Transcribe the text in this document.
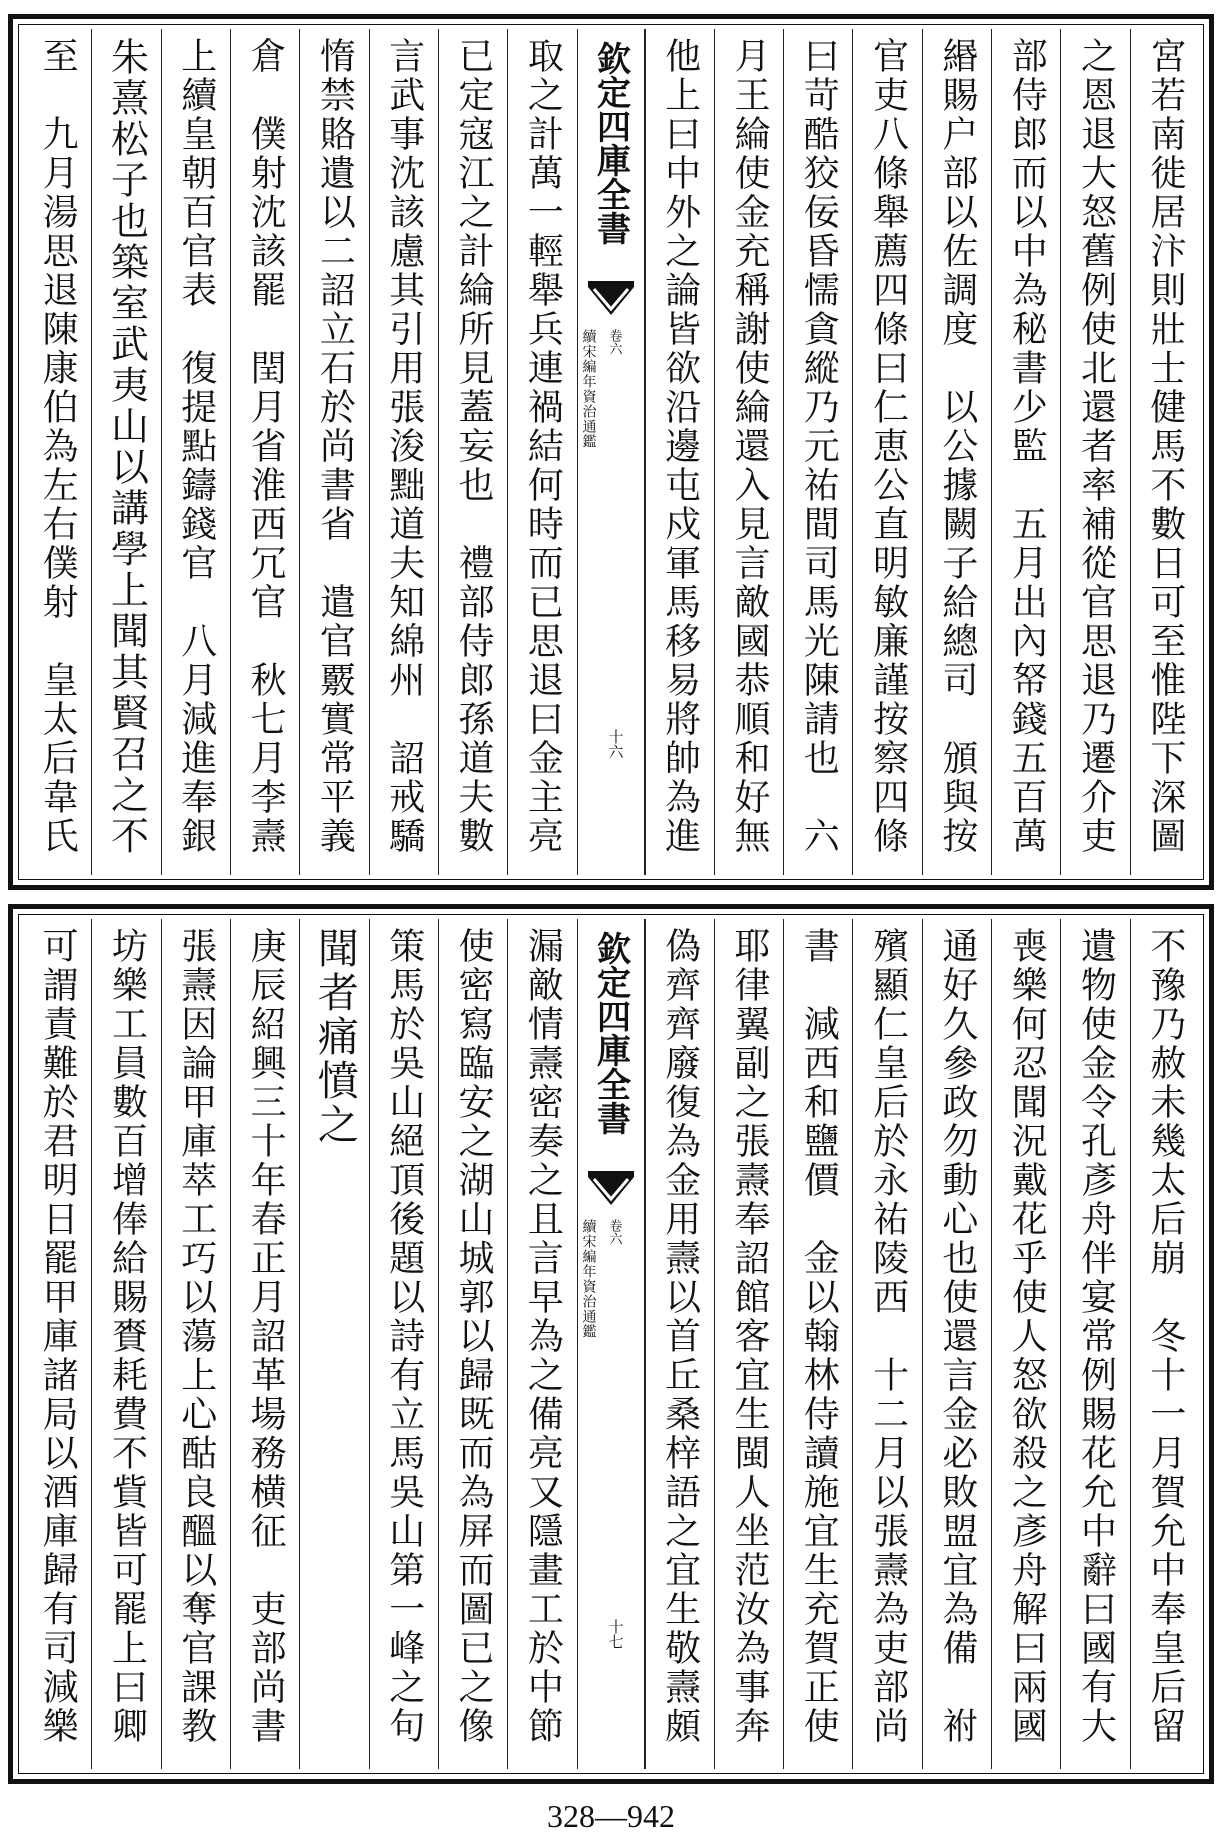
宮若南徙居汴則壯士健馬不數日可至惟陛下深圖
之恩退大怒舊例使北還者率補從官思退乃遷介吏
部侍郎而以中為秘書少監　五月出內帑錢五百萬
緡賜户部以佐調度　以公據闕子給總司　頒與按
官吏八條舉薦四條曰仁恵公直明敏廉謹按察四條
曰苛酷狡佞昏懦貪縱乃元祐間司馬光陳請也　六
月王綸使金充稱謝使綸還入見言敵國恭順和好無
他上曰中外之論皆欲沿邊屯戍軍馬移易將帥為進
欽定四庫全書
續宋編年資治通鑑 卷六
十六
取之計萬一輕舉兵連禍結何時而已思退曰金主亮
已定寇江之計綸所見蓋妄也　禮部侍郎孫道夫數
言武事沈該慮其引用張浚黜道夫知綿州　詔戒驕
惰禁賂遺以二詔立石於尚書省　遣官覈實常平義
倉　僕射沈該罷　閏月省淮西冗官　秋七月李燾
上續皇朝百官表　復提點鑄錢官　八月減進奉銀
朱熹松子也築室武夷山以講學上聞其賢召之不
至　九月湯思退陳康伯為左右僕射　皇太后韋氏
不豫乃赦未幾太后崩　冬十一月賀允中奉皇后留
遺物使金令孔彥舟伴宴常例賜花允中辭曰國有大
喪樂何忍聞況戴花乎使人怒欲殺之彥舟解曰兩國
通好久參政勿動心也使還言金必敗盟宜為備　祔
殯顯仁皇后於永祐陵西　十二月以張燾為吏部尚
書　減西和鹽價　金以翰林侍讀施宜生充賀正使
耶律翼副之張燾奉詔館客宜生閩人坐范汝為事奔
偽齊齊廢復為金用燾以首丘桑梓語之宜生敬燾頗
欽定四庫全書
續宋編年資治通鑑 卷六
十七
漏敵情燾密奏之且言早為之備亮又隱畫工於中節
使密寫臨安之湖山城郭以歸既而為屏而圖已之像
策馬於吳山絕頂後題以詩有立馬吳山第一峰之句
聞者痛憤之
庚辰紹興三十年春正月詔革場務横征　吏部尚書
張燾因論甲庫萃工巧以蕩上心酤良醞以奪官課教
坊樂工員數百增俸給賜賚耗費不貲皆可罷上曰卿
可謂責難於君明日罷甲庫諸局以酒庫歸有司減樂
328—942
